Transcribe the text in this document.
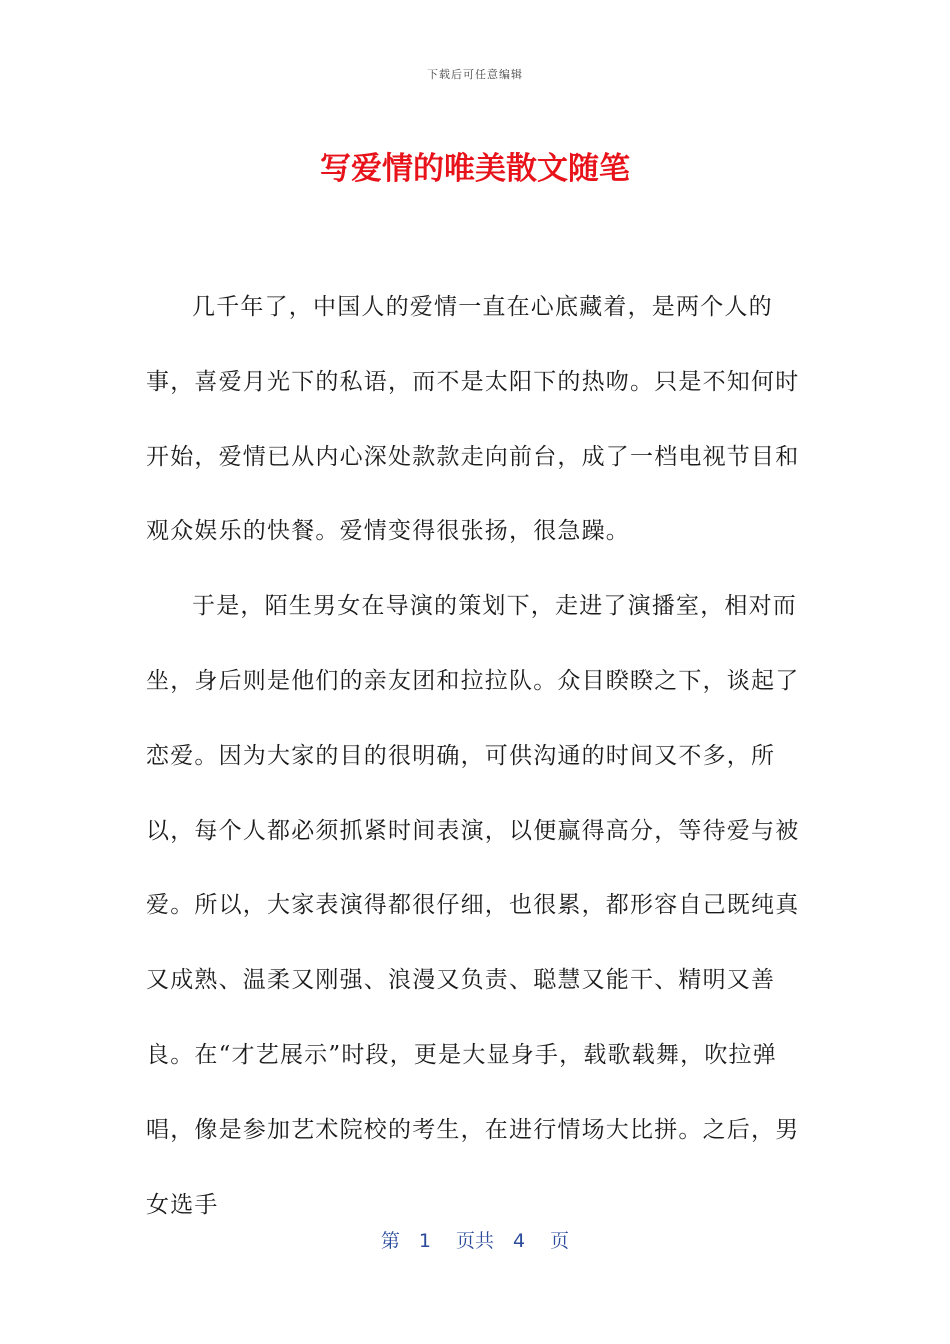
下载后可任意编辑
写爱情的唯美散文随笔

几千年了，中国人的爱情一直在心底藏着，是两个人的事，喜爱月光下的私语，而不是太阳下的热吻。只是不知何时开始，爱情已从内心深处款款走向前台，成了一档电视节目和观众娱乐的快餐。爱情变得很张扬，很急躁。

于是，陌生男女在导演的策划下，走进了演播室，相对而坐，身后则是他们的亲友团和拉拉队。众目睽睽之下，谈起了恋爱。因为大家的目的很明确，可供沟通的时间又不多，所以，每个人都必须抓紧时间表演，以便赢得高分，等待爱与被爱。所以，大家表演得都很仔细，也很累，都形容自己既纯真又成熟、温柔又刚强、浪漫又负责、聪慧又能干、精明又善良。在“才艺展示”时段，更是大显身手，载歌载舞，吹拉弹唱，像是参加艺术院校的考生，在进行情场大比拼。之后，男女选手

第　1　 页共　4　 页
